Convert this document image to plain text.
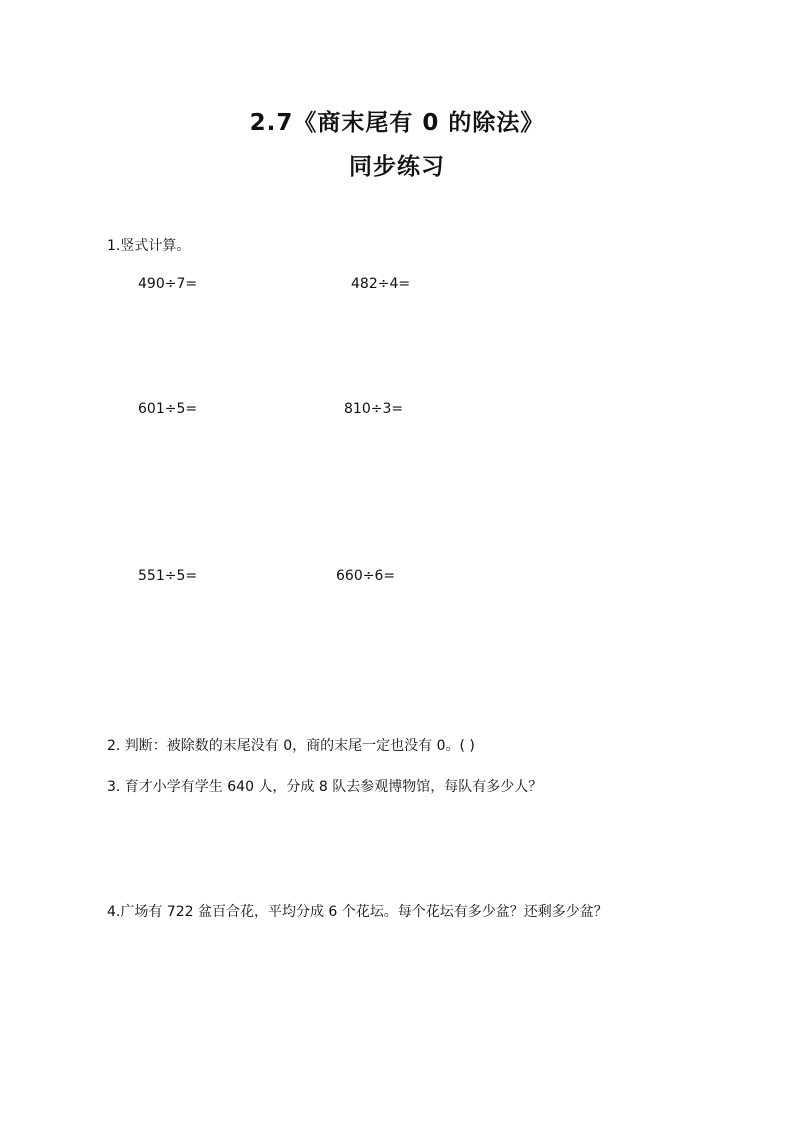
2.7《商末尾有 0 的除法》
同步练习
1.竖式计算。
490÷7=	482÷4=
601÷5=	810÷3=
551÷5=	660÷6=
2. 判断：被除数的末尾没有 0，商的末尾一定也没有 0。( )
3. 育才小学有学生 640 人，分成 8 队去参观博物馆，每队有多少人？
4.广场有 722 盆百合花，平均分成 6 个花坛。每个花坛有多少盆？还剩多少盆？
